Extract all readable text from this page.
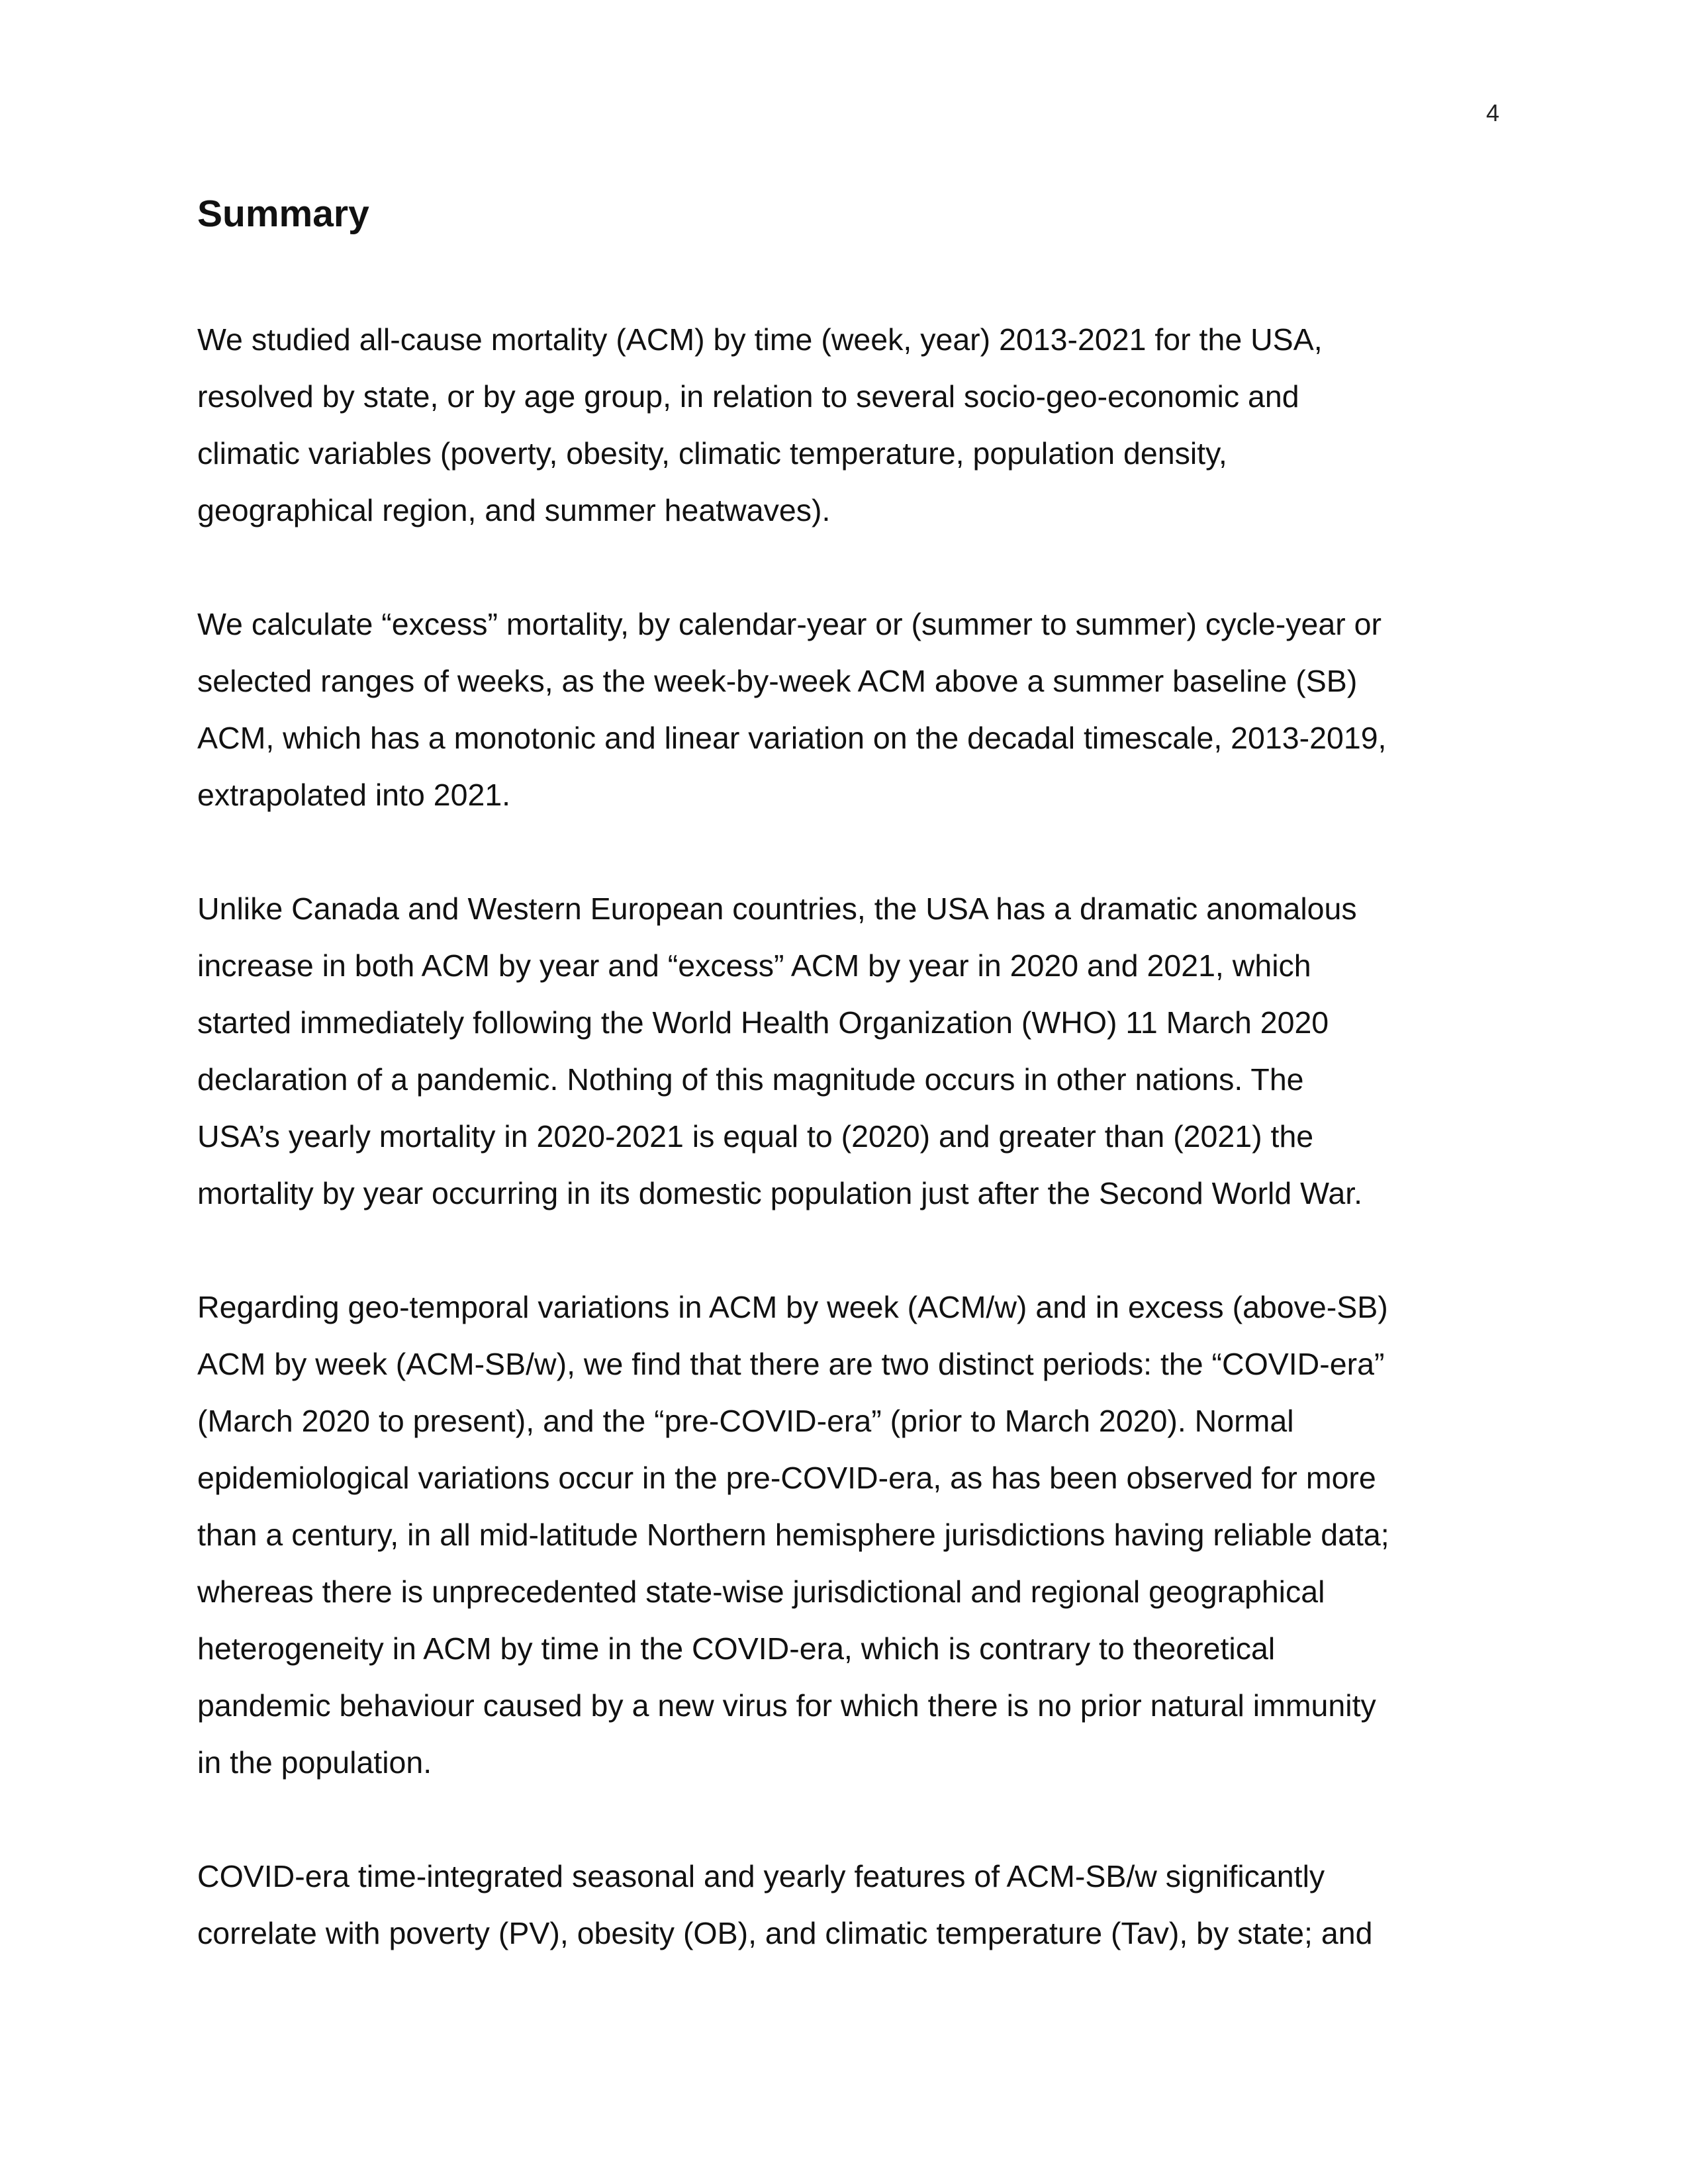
4
Summary

We studied all-cause mortality (ACM) by time (week, year) 2013-2021 for the USA,
resolved by state, or by age group, in relation to several socio-geo-economic and
climatic variables (poverty, obesity, climatic temperature, population density,
geographical region, and summer heatwaves).

We calculate “excess” mortality, by calendar-year or (summer to summer) cycle-year or
selected ranges of weeks, as the week-by-week ACM above a summer baseline (SB)
ACM, which has a monotonic and linear variation on the decadal timescale, 2013-2019,
extrapolated into 2021.

Unlike Canada and Western European countries, the USA has a dramatic anomalous
increase in both ACM by year and “excess” ACM by year in 2020 and 2021, which
started immediately following the World Health Organization (WHO) 11 March 2020
declaration of a pandemic. Nothing of this magnitude occurs in other nations. The
USA’s yearly mortality in 2020-2021 is equal to (2020) and greater than (2021) the
mortality by year occurring in its domestic population just after the Second World War.

Regarding geo-temporal variations in ACM by week (ACM/w) and in excess (above-SB)
ACM by week (ACM-SB/w), we find that there are two distinct periods: the “COVID-era”
(March 2020 to present), and the “pre-COVID-era” (prior to March 2020). Normal
epidemiological variations occur in the pre-COVID-era, as has been observed for more
than a century, in all mid-latitude Northern hemisphere jurisdictions having reliable data;
whereas there is unprecedented state-wise jurisdictional and regional geographical
heterogeneity in ACM by time in the COVID-era, which is contrary to theoretical
pandemic behaviour caused by a new virus for which there is no prior natural immunity
in the population.

COVID-era time-integrated seasonal and yearly features of ACM-SB/w significantly
correlate with poverty (PV), obesity (OB), and climatic temperature (Tav), by state; and
